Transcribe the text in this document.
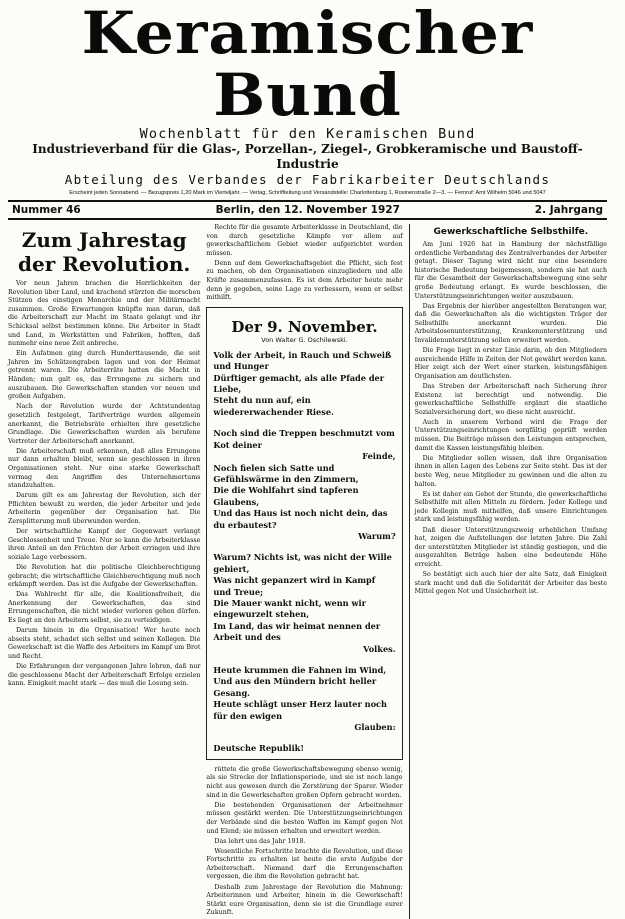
Keramischer Bund
Wochenblatt für den Keramischen Bund
Industrieverband für die Glas-, Porzellan-, Ziegel-, Grobkeramische und Baustoff-Industrie
Abteilung des Verbandes der Fabrikarbeiter Deutschlands
Erscheint jeden Sonnabend. — Bezugspreis 1,20 Mark im Vierteljahr. — Verlag, Schriftleitung und Versandstelle: Charlottenburg 1, Rosinenstraße 2—3. — Fernruf: Amt Wilhelm 5046 und 5047
Nummer 46	Berlin, den 12. November 1927	2. Jahrgang
Zum Jahrestag der Revolution.

Vor neun Jahren brachen die Herrlichkeiten der Revolution über Land, und krachend stürzten die morschen Stützen des einstigen Monarchie und der Militärmacht zusammen. Große Erwartungen knüpfte man daran, daß die Arbeiterschaft zur Macht im Staate gelangt und ihr Schicksal selbst bestimmen könne. Die Arbeiter in Stadt und Land, in Werkstätten und Fabriken, hofften, daß nunmehr eine neue Zeit anbreche.

Ein Aufatmen ging durch Hunderttausende, die seit Jahren im Schützengraben lagen und von der Heimat getrennt waren. Die Arbeiterräte hatten die Macht in Händen; nun galt es, das Errungene zu sichern und auszubauen. Die Gewerkschaften standen vor neuen und großen Aufgaben.

Nach der Revolution wurde der Achtstundentag gesetzlich festgelegt, Tarifverträge wurden allgemein anerkannt, die Betriebsräte erhielten ihre gesetzliche Grundlage. Die Gewerkschaften wurden als berufene Vertreter der Arbeiterschaft anerkannt.

Die Arbeiterschaft muß erkennen, daß alles Errungene nur dann erhalten bleibt, wenn sie geschlossen in ihren Organisationen steht. Nur eine starke Gewerkschaft vermag den Angriffen des Unternehmertums standzuhalten.

Darum gilt es am Jahrestag der Revolution, sich der Pflichten bewußt zu werden, die jeder Arbeiter und jede Arbeiterin gegenüber der Organisation hat. Die Zersplitterung muß überwunden werden.

Der wirtschaftliche Kampf der Gegenwart verlangt Geschlossenheit und Treue. Nur so kann die Arbeiterklasse ihren Anteil an den Früchten der Arbeit erringen und ihre soziale Lage verbessern.

Die Revolution hat die politische Gleichberechtigung gebracht; die wirtschaftliche Gleichberechtigung muß noch erkämpft werden. Das ist die Aufgabe der Gewerkschaften.

Das Wahlrecht für alle, die Koalitionsfreiheit, die Anerkennung der Gewerkschaften, das sind Errungenschaften, die nicht wieder verloren gehen dürfen. Es liegt an den Arbeitern selbst, sie zu verteidigen.

Darum hinein in die Organisation! Wer heute noch abseits steht, schadet sich selbst und seinen Kollegen. Die Gewerkschaft ist die Waffe des Arbeiters im Kampf um Brot und Recht.

Die Erfahrungen der vergangenen Jahre lehren, daß nur die geschlossene Macht der Arbeiterschaft Erfolge erzielen kann. Einigkeit macht stark — das muß die Losung sein.

Rechte für die gesamte Arbeiterklasse in Deutschland, die von durch gesetzliche Kämpfe vor allem auf gewerkschaftlichem Gebiet wieder aufgerichtet werden müssen.

Denn auf dem Gewerkschaftsgebiet die Pflicht, sich fest zu machen, ob den Organisationen einzugliedern und alle Kräfte zusammenzufassen. Es ist dem Arbeiter heute mehr denn je gegeben, seine Lage zu verbessern, wenn er selbst mithilft.

Der 9. November.
Von Walter G. Oschilewski.
Volk der Arbeit, in Rauch und Schweiß und Hunger
Dürftiger gemacht, als alle Pfade der Liebe,
Steht du nun auf, ein wiedererwachender Riese.
Noch sind die Treppen beschmutzt vom Kot deiner
Feinde,
Noch fielen sich Satte und Gefühlswärme in den Zimmern,
Die die Wohlfahrt sind tapferen Glaubens,
Und das Haus ist noch nicht dein, das du erbautest?
Warum?
Warum? Nichts ist, was nicht der Wille gebiert,
Was nicht gepanzert wird in Kampf und Treue;
Die Mauer wankt nicht, wenn wir eingewurzelt stehen,
Im Land, das wir heimat nennen der Arbeit und des
Volkes.
Heute krummen die Fahnen im Wind,
Und aus den Mündern bricht heller Gesang.
Heute schlägt unser Herz lauter noch für den ewigen
Glauben:
Deutsche Republik!

rüttete die große Gewerkschaftsbewegung ebenso wenig, als sie Strecke der Inflationsperiode, und sie ist noch lange nicht aus gewesen durch die Zerstörung der Sparer. Wieder sind in die Gewerkschaften großen Opfern gebracht worden.

Die bestehenden Organisationen der Arbeitnehmer müssen gestärkt werden. Die Unterstützungseinrichtungen der Verbände sind die besten Waffen im Kampf gegen Not und Elend; sie müssen erhalten und erweitert werden.

Das lehrt uns das Jahr 1918.

Wesentliche Fortschritte brachte die Revolution, und diese Fortschritte zu erhalten ist heute die erste Aufgabe der Arbeiterschaft. Niemand darf die Errungenschaften vergessen, die ihm die Revolution gebracht hat.

Deshalb zum Jahrestage der Revolution die Mahnung: Arbeiterinnen und Arbeiter, hinein in die Gewerkschaft! Stärkt eure Organisation, denn sie ist die Grundlage eurer Zukunft.

Gewerkschaftliche Selbsthilfe.

Am Juni 1926 hat in Hamburg der nächstfällige ordentliche Verbandstag des Zentralverbandes der Arbeiter getagt. Dieser Tagung wird nicht nur eine besondere historische Bedeutung beigemessen, sondern sie hat auch für die Gesamtheit der Gewerkschaftsbewegung eine sehr große Bedeutung erlangt. Es wurde beschlossen, die Unterstützungseinrichtungen weiter auszubauen.

Das Ergebnis der hierüber angestellten Beratungen war, daß die Gewerkschaften als die wichtigsten Träger der Selbsthilfe anerkannt wurden. Die Arbeitslosenunterstützung, Krankenunterstützung und Invalidenunterstützung sollen erweitert werden.

Die Frage liegt in erster Linie darin, ob den Mitgliedern ausreichende Hilfe in Zeiten der Not gewährt werden kann. Hier zeigt sich der Wert einer starken, leistungsfähigen Organisation am deutlichsten.

Das Streben der Arbeiterschaft nach Sicherung ihrer Existenz ist berechtigt und notwendig. Die gewerkschaftliche Selbsthilfe ergänzt die staatliche Sozialversicherung dort, wo diese nicht ausreicht.

Auch in unserem Verband wird die Frage der Unterstützungseinrichtungen sorgfältig geprüft werden müssen. Die Beiträge müssen den Leistungen entsprechen, damit die Kassen leistungsfähig bleiben.

Die Mitglieder sollen wissen, daß ihre Organisation ihnen in allen Lagen des Lebens zur Seite steht. Das ist der beste Weg, neue Mitglieder zu gewinnen und die alten zu halten.

Es ist daher ein Gebot der Stunde, die gewerkschaftliche Selbsthilfe mit allen Mitteln zu fördern. Jeder Kollege und jede Kollegin muß mithelfen, daß unsere Einrichtungen stark und leistungsfähig werden.

Daß dieser Unterstützungszweig erheblichen Umfang hat, zeigen die Aufstellungen der letzten Jahre. Die Zahl der unterstützten Mitglieder ist ständig gestiegen, und die ausgezahlten Beträge haben eine bedeutende Höhe erreicht.

So bestätigt sich auch hier der alte Satz, daß Einigkeit stark macht und daß die Solidarität der Arbeiter das beste Mittel gegen Not und Unsicherheit ist.
